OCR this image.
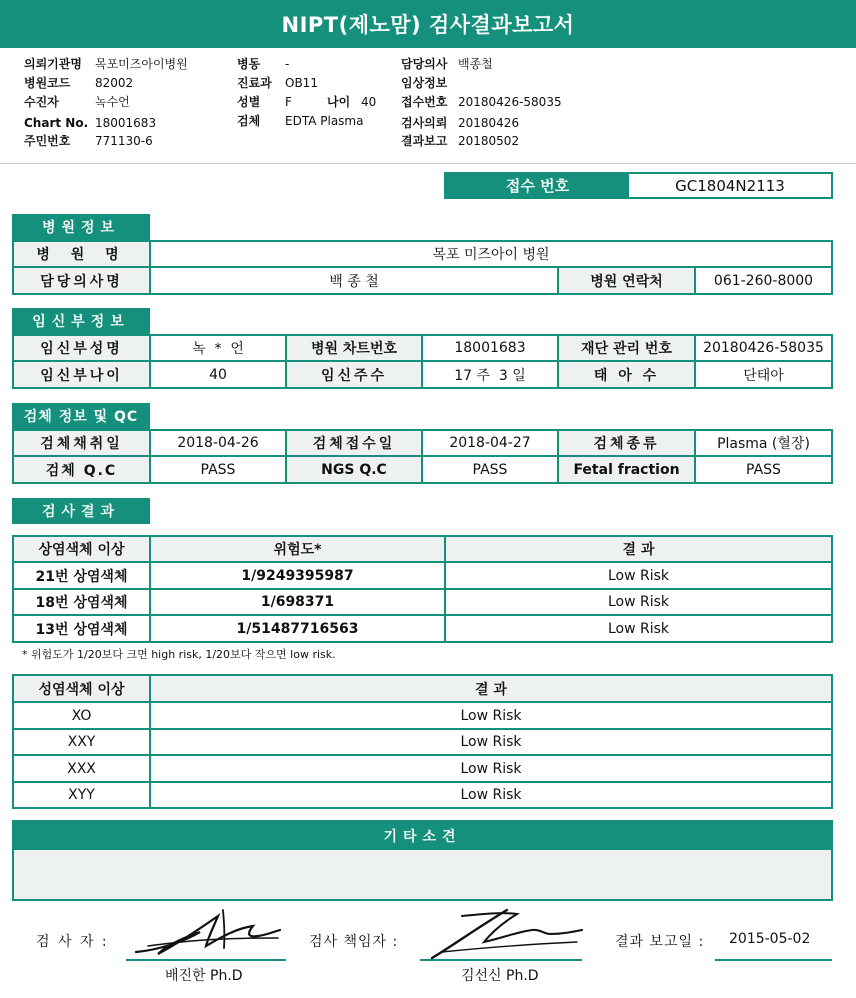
NIPT(제노맘) 검사결과보고서
의뢰기관명 목포미즈아이병원
병원코드 82002
수진자	녹수언
Chart No. 18001683
주민번호 771130-6
병동 -
진료과 OB11
성별 F	나이 40
검체 EDTA Plasma
담당의사 백종철
임상정보
접수번호 20180426-58035
검사의뢰 20180426
결과보고 20180502
접수 번호	GC1804N2113
병원정보
병 원 명	목포 미즈아이 병원
담당의사명	백 종 철	병원 연락처	061-260-8000
임신부정보
임신부성명	녹  *  언	병원 차트번호	18001683	재단 관리 번호	20180426-58035
임신부나이	40	임신주수	17 주  3 일	태 아 수	단태아
검체 정보 및 QC
검체채취일	2018-04-26	검체접수일	2018-04-27	검체종류	Plasma (혈장)
검체 Q.C	PASS	NGS Q.C	PASS	Fetal fraction	PASS
검사결과
상염색체 이상	위험도*	결 과
21번 상염색체	1/9249395987	Low Risk
18번 상염색체	1/698371	Low Risk
13번 상염색체	1/51487716563	Low Risk
* 위험도가 1/20보다 크면 high risk, 1/20보다 작으면 low risk.
성염색체 이상	결 과
XO	Low Risk
XXY	Low Risk
XXX	Low Risk
XYY	Low Risk
기타소견
검 사 자 :
배진한 Ph.D
검사 책임자 :
김선신 Ph.D
결과 보고일 : 2015-05-02
